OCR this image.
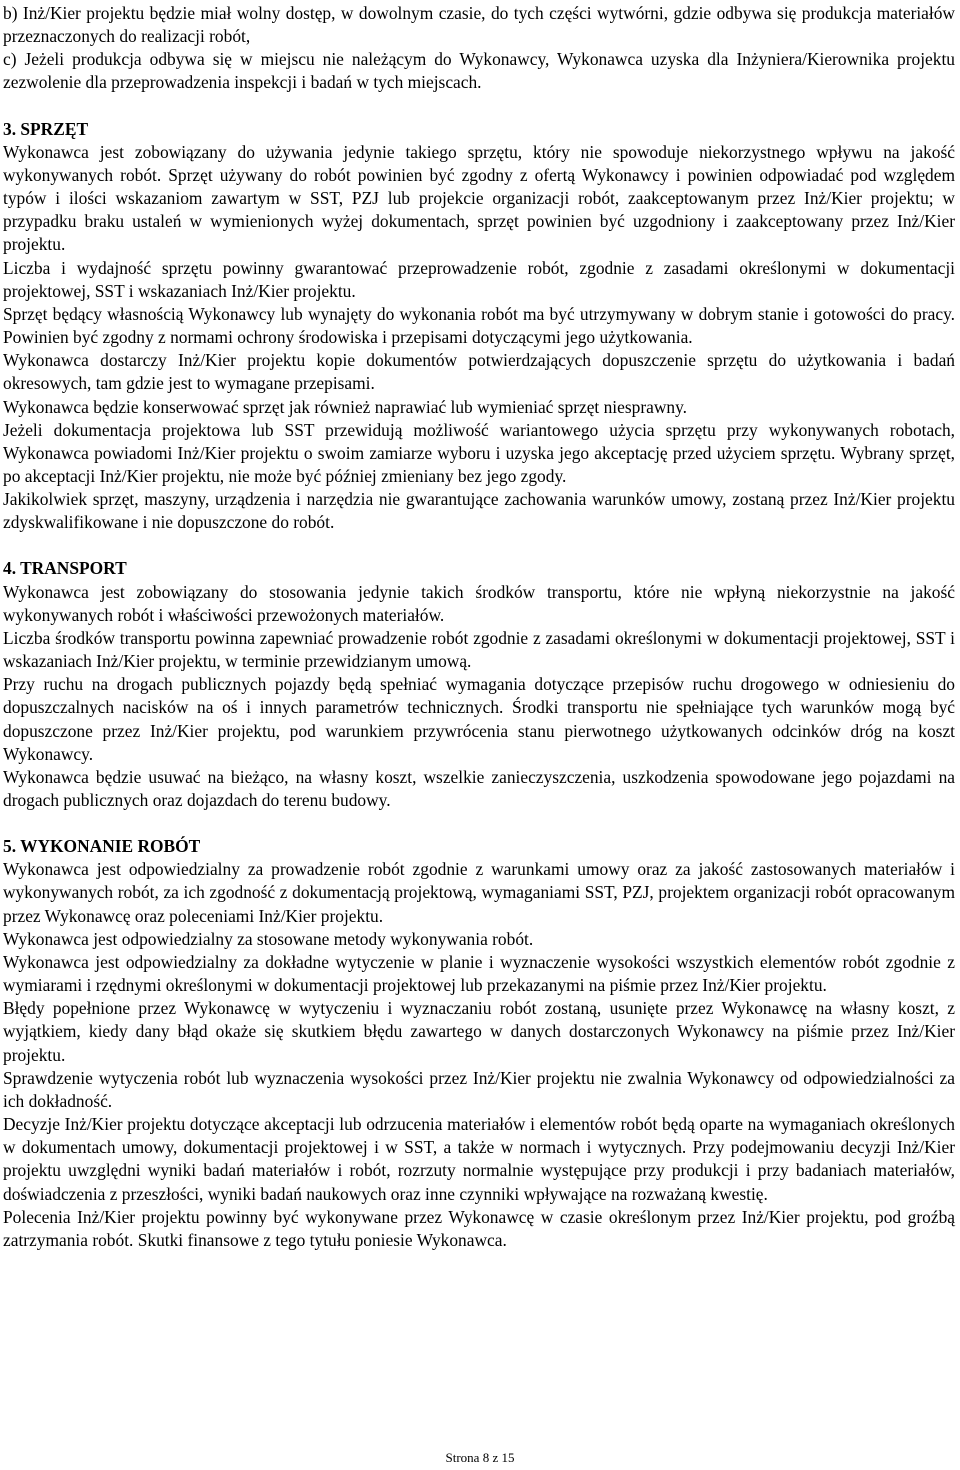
b) Inż/Kier projektu będzie miał wolny dostęp, w dowolnym czasie, do tych części wytwórni, gdzie odbywa się produkcja materiałów przeznaczonych do realizacji robót,

c) Jeżeli produkcja odbywa się w miejscu nie należącym do Wykonawcy, Wykonawca uzyska dla Inżyniera/Kierownika projektu zezwolenie dla przeprowadzenia inspekcji i badań w tych miejscach.

3. SPRZĘT

Wykonawca jest zobowiązany do używania jedynie takiego sprzętu, który nie spowoduje niekorzystnego wpływu na jakość wykonywanych robót. Sprzęt używany do robót powinien być zgodny z ofertą Wykonawcy i powinien odpowiadać pod względem typów i ilości wskazaniom zawartym w SST, PZJ lub projekcie organizacji robót, zaakceptowanym przez Inż/Kier projektu; w przypadku braku ustaleń w wymienionych wyżej dokumentach, sprzęt powinien być uzgodniony i zaakceptowany przez Inż/Kier projektu.

Liczba i wydajność sprzętu powinny gwarantować przeprowadzenie robót, zgodnie z zasadami określonymi w dokumentacji projektowej, SST i wskazaniach Inż/Kier projektu.

Sprzęt będący własnością Wykonawcy lub wynajęty do wykonania robót ma być utrzymywany w dobrym stanie i gotowości do pracy. Powinien być zgodny z normami ochrony środowiska i przepisami dotyczącymi jego użytkowania.

Wykonawca dostarczy Inż/Kier projektu kopie dokumentów potwierdzających dopuszczenie sprzętu do użytkowania i badań okresowych, tam gdzie jest to wymagane przepisami.

Wykonawca będzie konserwować sprzęt jak również naprawiać lub wymieniać sprzęt niesprawny.

Jeżeli dokumentacja projektowa lub SST przewidują możliwość wariantowego użycia sprzętu przy wykonywanych robotach, Wykonawca powiadomi Inż/Kier projektu o swoim zamiarze wyboru i uzyska jego akceptację przed użyciem sprzętu. Wybrany sprzęt, po akceptacji Inż/Kier projektu, nie może być później zmieniany bez jego zgody.

Jakikolwiek sprzęt, maszyny, urządzenia i narzędzia nie gwarantujące zachowania warunków umowy, zostaną przez Inż/Kier projektu zdyskwalifikowane i nie dopuszczone do robót.

4. TRANSPORT

Wykonawca jest zobowiązany do stosowania jedynie takich środków transportu, które nie wpłyną niekorzystnie na jakość wykonywanych robót i właściwości przewożonych materiałów.

Liczba środków transportu powinna zapewniać prowadzenie robót zgodnie z zasadami określonymi w dokumentacji projektowej, SST i wskazaniach Inż/Kier projektu, w terminie przewidzianym umową.

Przy ruchu na drogach publicznych pojazdy będą spełniać wymagania dotyczące przepisów ruchu drogowego w odniesieniu do dopuszczalnych nacisków na oś i innych parametrów technicznych. Środki transportu nie spełniające tych warunków mogą być dopuszczone przez Inż/Kier projektu, pod warunkiem przywrócenia stanu pierwotnego użytkowanych odcinków dróg na koszt Wykonawcy.

Wykonawca będzie usuwać na bieżąco, na własny koszt, wszelkie zanieczyszczenia, uszkodzenia spowodowane jego pojazdami na drogach publicznych oraz dojazdach do terenu budowy.

5. WYKONANIE ROBÓT

Wykonawca jest odpowiedzialny za prowadzenie robót zgodnie z warunkami umowy oraz za jakość zastosowanych materiałów i wykonywanych robót, za ich zgodność z dokumentacją projektową, wymaganiami SST, PZJ, projektem organizacji robót opracowanym przez Wykonawcę oraz poleceniami Inż/Kier projektu.

Wykonawca jest odpowiedzialny za stosowane metody wykonywania robót.

Wykonawca jest odpowiedzialny za dokładne wytyczenie w planie i wyznaczenie wysokości wszystkich elementów robót zgodnie z wymiarami i rzędnymi określonymi w dokumentacji projektowej lub przekazanymi na piśmie przez Inż/Kier projektu.

Błędy popełnione przez Wykonawcę w wytyczeniu i wyznaczaniu robót zostaną, usunięte przez Wykonawcę na własny koszt, z wyjątkiem, kiedy dany błąd okaże się skutkiem błędu zawartego w danych dostarczonych Wykonawcy na piśmie przez Inż/Kier projektu.

Sprawdzenie wytyczenia robót lub wyznaczenia wysokości przez Inż/Kier projektu nie zwalnia Wykonawcy od odpowiedzialności za ich dokładność.

Decyzje Inż/Kier projektu dotyczące akceptacji lub odrzucenia materiałów i elementów robót będą oparte na wymaganiach określonych w dokumentach umowy, dokumentacji projektowej i w SST, a także w normach i wytycznych. Przy podejmowaniu decyzji Inż/Kier projektu uwzględni wyniki badań materiałów i robót, rozrzuty normalnie występujące przy produkcji i przy badaniach materiałów, doświadczenia z przeszłości, wyniki badań naukowych oraz inne czynniki wpływające na rozważaną kwestię.

Polecenia Inż/Kier projektu powinny być wykonywane przez Wykonawcę w czasie określonym przez Inż/Kier projektu, pod groźbą zatrzymania robót. Skutki finansowe z tego tytułu poniesie Wykonawca.

Strona 8 z 15
